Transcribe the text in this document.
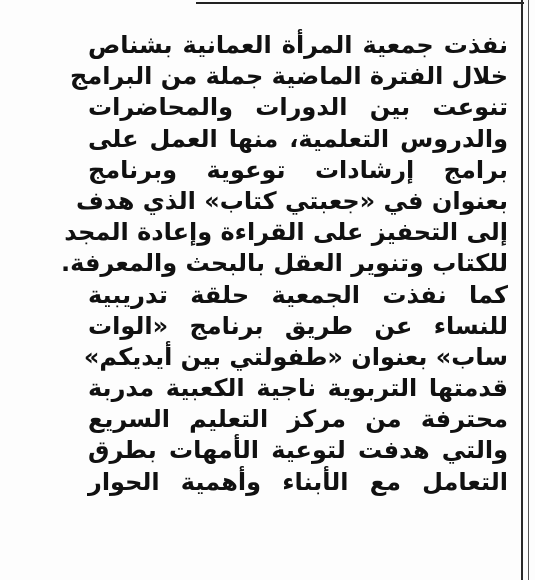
نفذت جمعية المرأة العمانية بشناص
خلال الفترة الماضية جملة من البرامج
تنوعت بين الدورات والمحاضرات
والدروس التعلمية، منها العمل على
برامج إرشادات توعوية وبرنامج
بعنوان في «جعبتي كتاب» الذي هدف
إلى التحفيز على القراءة وإعادة المجد
للكتاب وتنوير العقل بالبحث والمعرفة.
كما نفذت الجمعية حلقة تدريبية
للنساء عن طريق برنامج «الوات
ساب» بعنوان «طفولتي بين أيديكم»
قدمتها التربوية ناجية الكعبية مدربة
محترفة من مركز التعليم السريع
والتي هدفت لتوعية الأمهات بطرق
التعامل مع الأبناء وأهمية الحوار
